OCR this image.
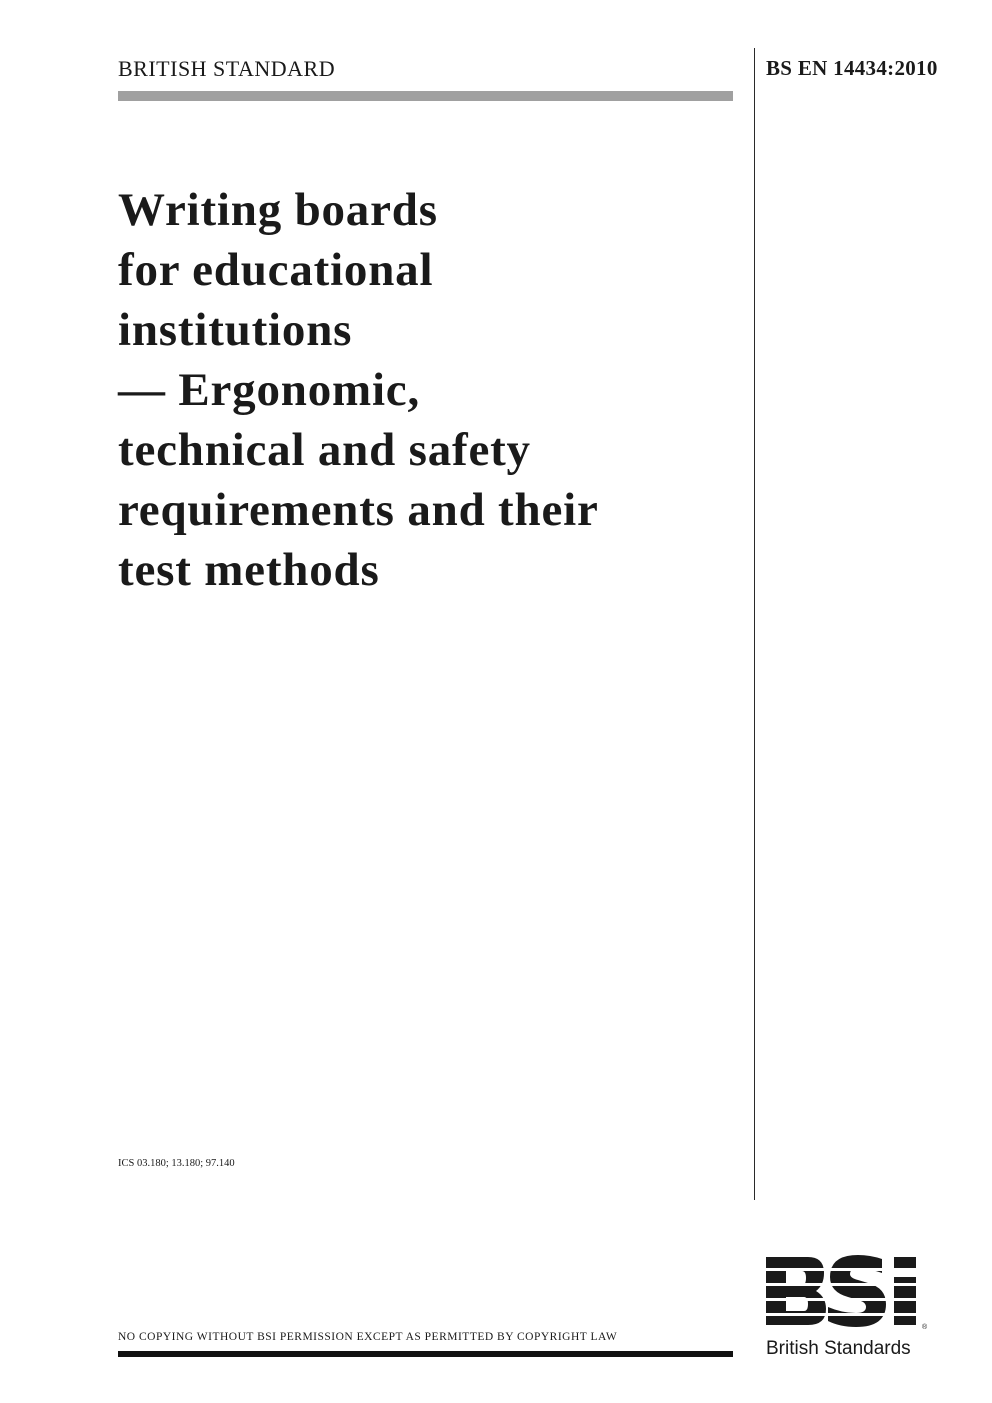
BRITISH STANDARD	BS EN 14434:2010
Writing boards
for educational
institutions
— Ergonomic,
technical and safety
requirements and their
test methods
ICS 03.180; 13.180; 97.140
NO COPYING WITHOUT BSI PERMISSION EXCEPT AS PERMITTED BY COPYRIGHT LAW
®
British Standards
